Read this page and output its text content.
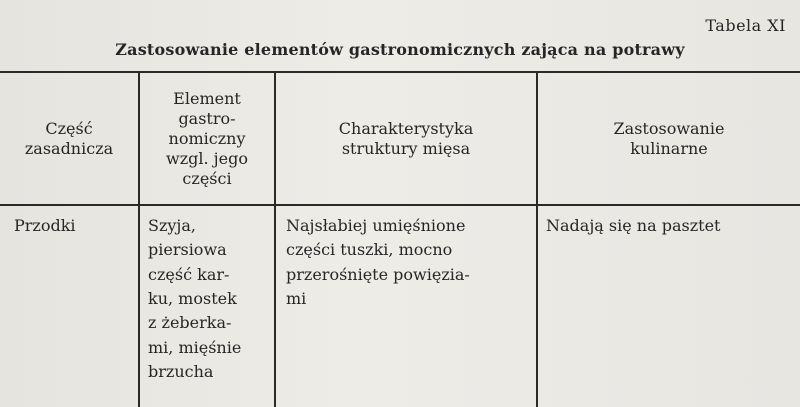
Tabela XI
Zastosowanie elementów gastronomicznych zająca na potrawy
Część
zasadnicza
Element
gastro-
nomiczny
wzgl. jego
części
Charakterystyka
struktury mięsa
Zastosowanie
kulinarne
Przodki	Szyja,
piersiowa
część kar-
ku, mostek
z żeberka-
mi, mięśnie
brzucha
Najsłabiej umięśnione
części tuszki, mocno
przerośnięte powięzia-
mi
Nadają się na pasztet
